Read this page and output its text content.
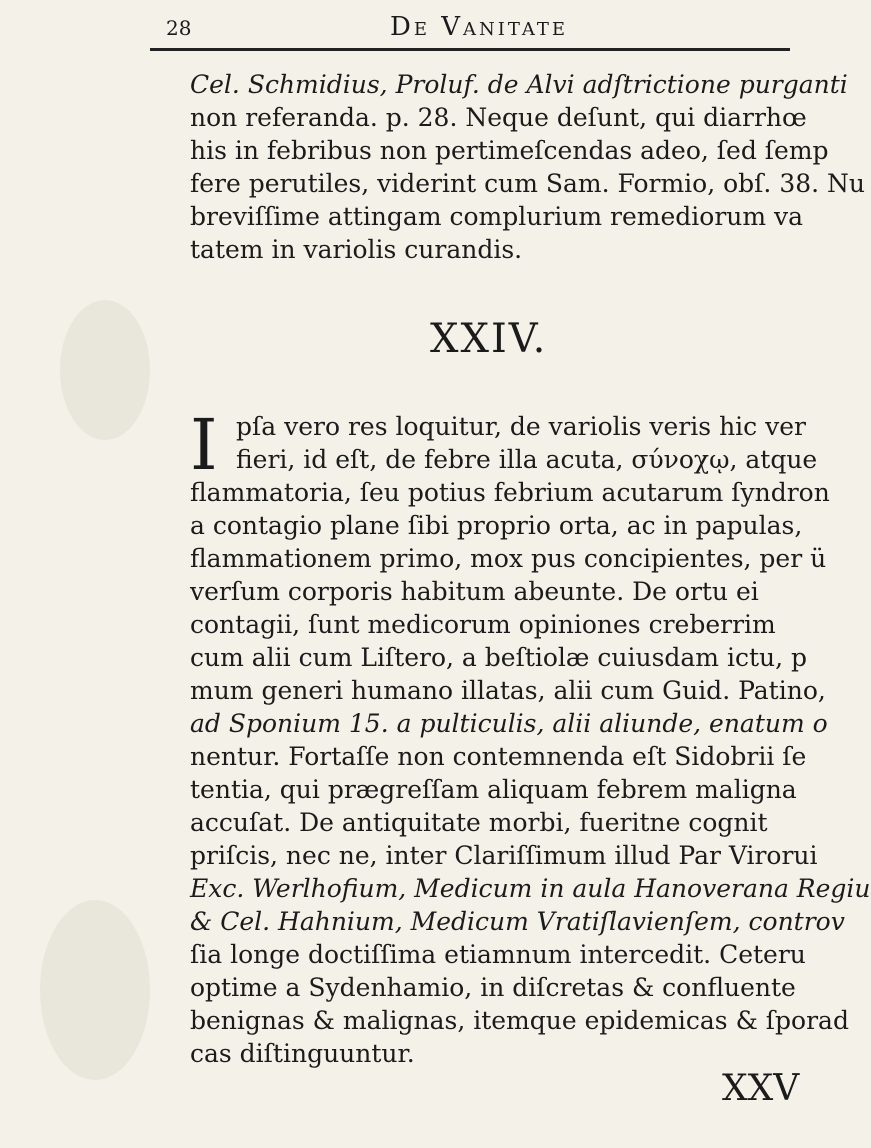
28	De Vanitate
Cel. Schmidius, Proluf. de Alvi adſtrictione purganti
non referanda. p. 28. Neque deſunt, qui diarrhœ
his in febribus non pertimeſcendas adeo, ſed ſemp
fere perutiles, viderint cum Sam. Formio, obſ. 38. Nu
breviſſime attingam complurium remediorum va
tatem in variolis curandis.
XXIV.
I pſa vero res loquitur, de variolis veris hic ver
fieri, id eſt, de febre illa acuta, σύνοχῳ, atque
flammatoria, ſeu potius febrium acutarum ſyndron
a contagio plane ſibi proprio orta, ac in papulas,
flammationem primo, mox pus concipientes, per ü
verſum corporis habitum abeunte. De ortu ei
contagii, ſunt medicorum opiniones creberrim
cum alii cum Liſtero, a beſtiolæ cuiusdam ictu, p
mum generi humano illatas, alii cum Guid. Patino,
ad Sponium 15. a pulticulis, alii aliunde, enatum o
nentur. Fortaſſe non contemnenda eſt Sidobrii ſe
tentia, qui prægreſſam aliquam febrem maligna
accuſat. De antiquitate morbi, fueritne cognit
priſcis, nec ne, inter Clariſſimum illud Par Virorui
Exc. Werlhofium, Medicum in aula Hanoverana Regiu
& Cel. Hahnium, Medicum Vratiſlavienſem, controv
ſia longe doctiſſima etiamnum intercedit. Ceteru
optime a Sydenhamio, in diſcretas & confluente
benignas & malignas, itemque epidemicas & ſporad
cas diſtinguuntur.
XXV
